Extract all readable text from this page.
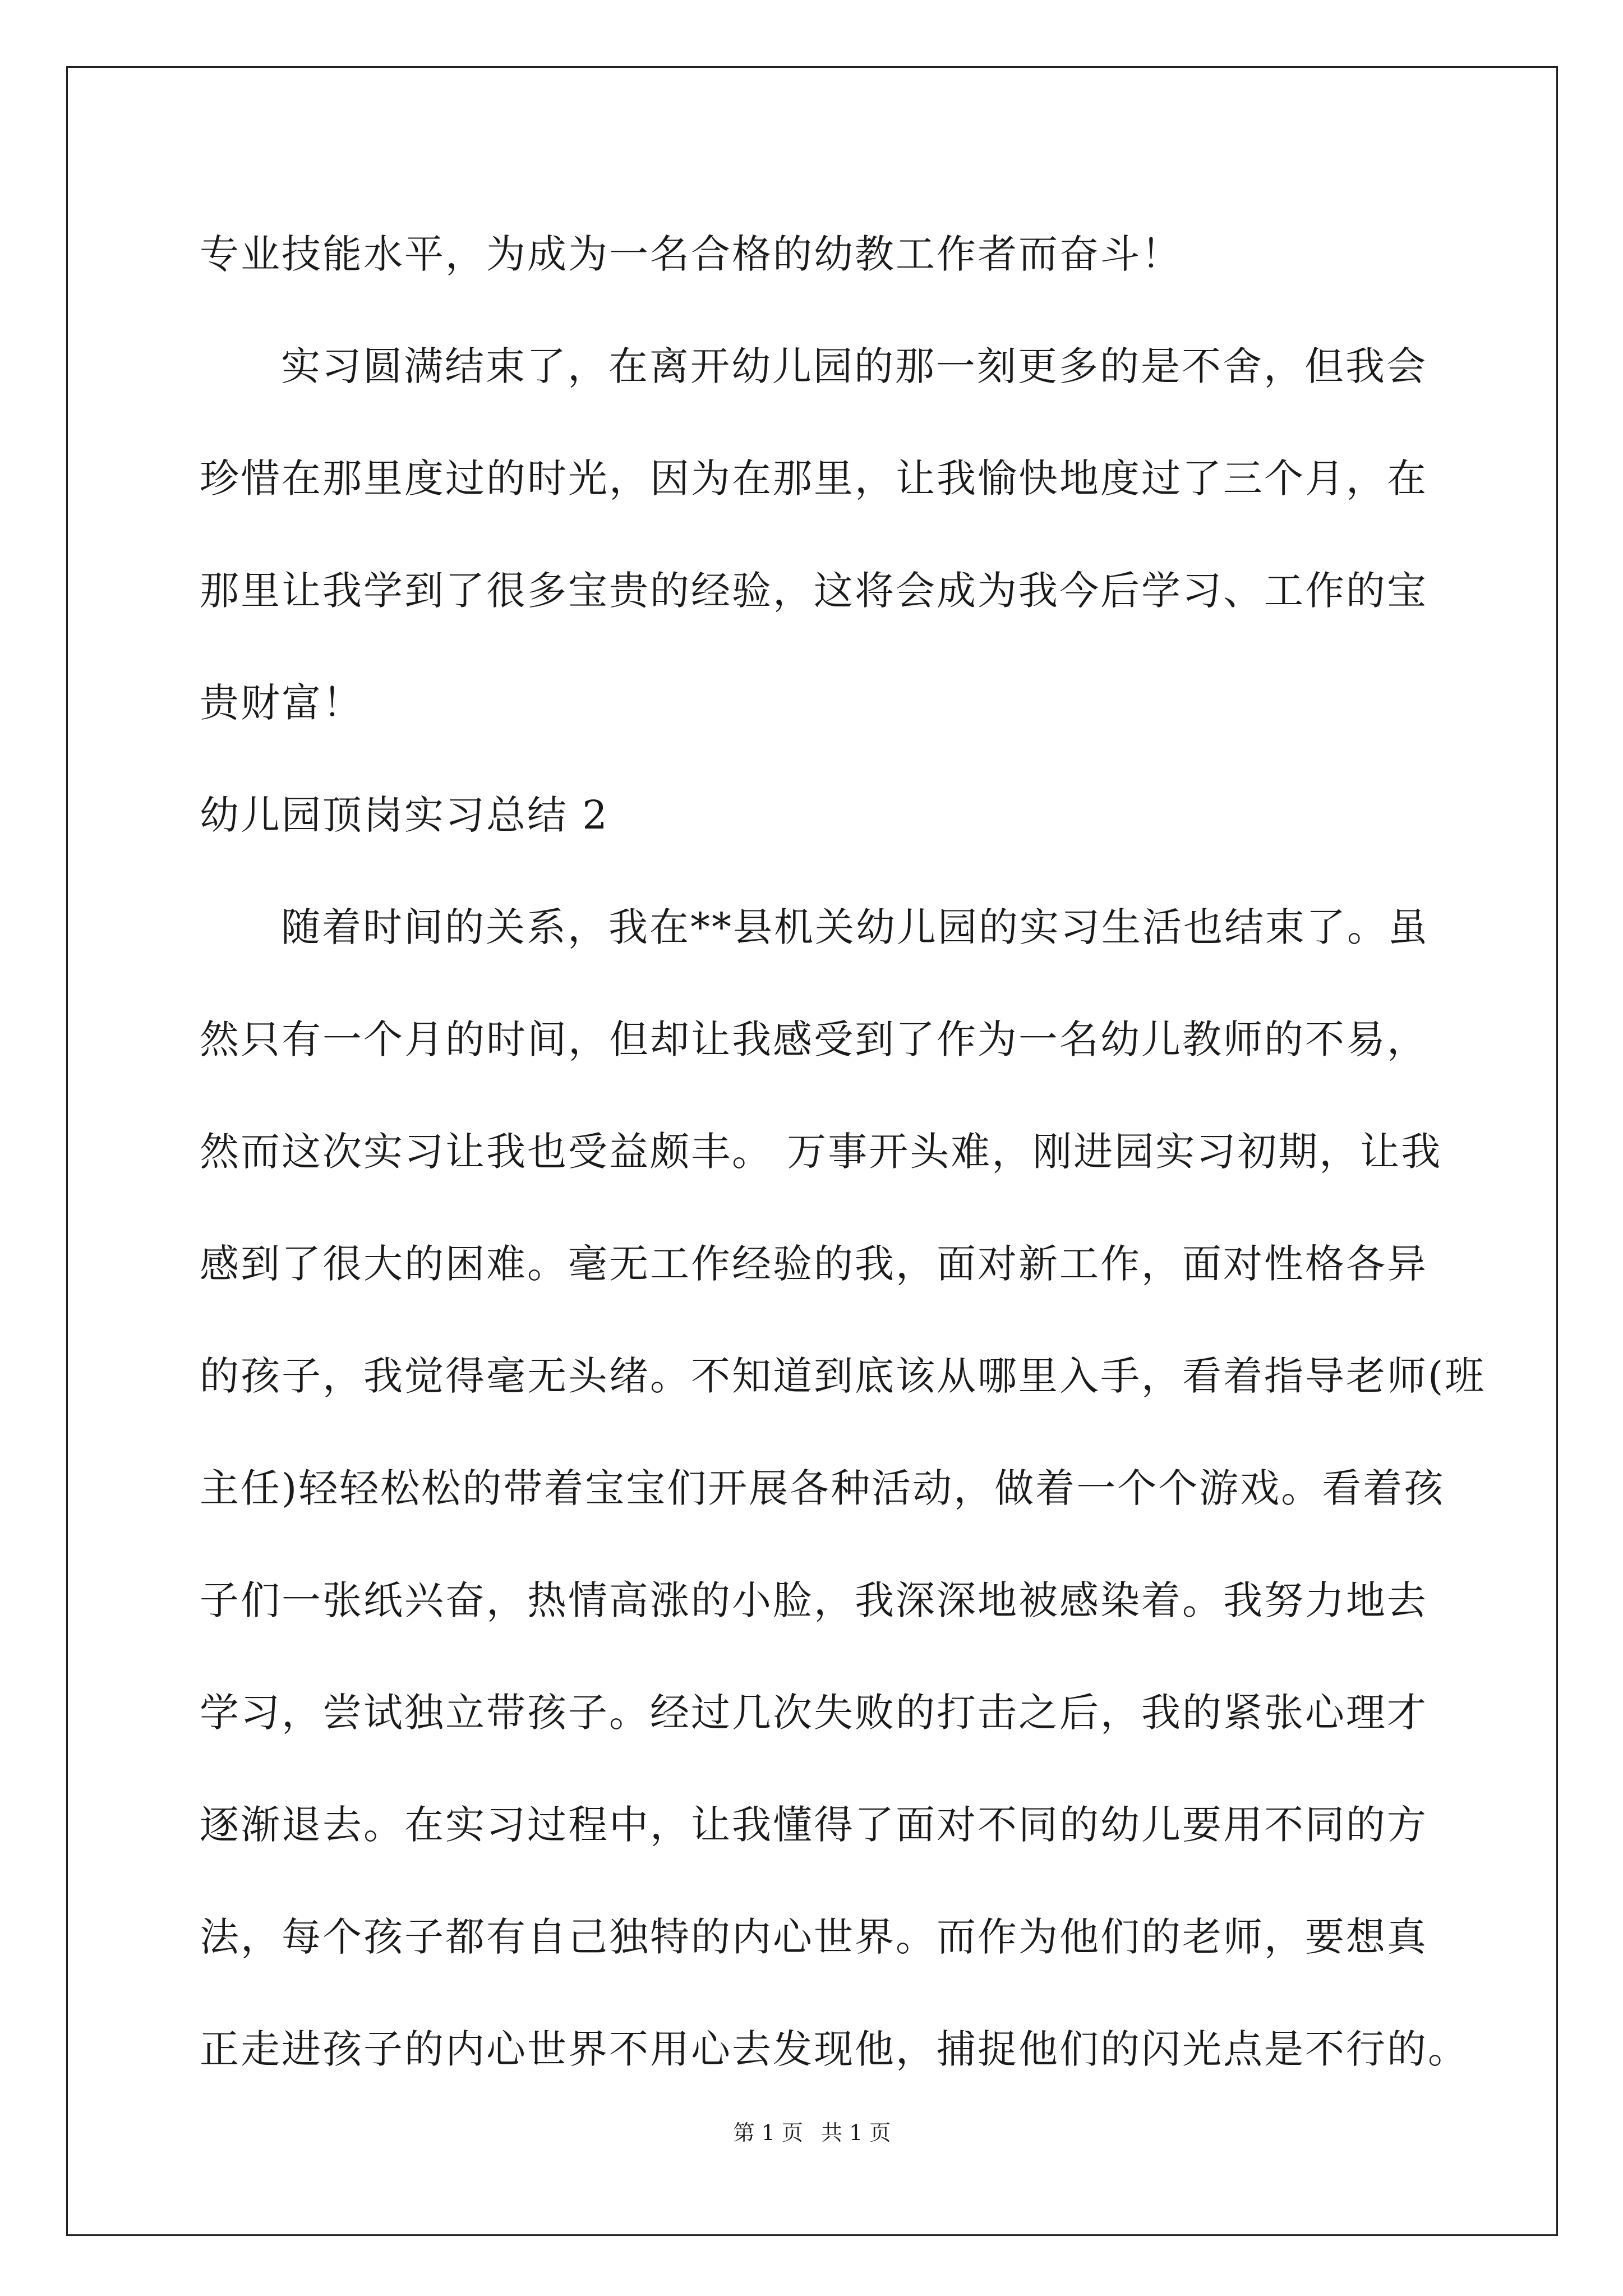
专业技能水平，为成为一名合格的幼教工作者而奋斗！
实习圆满结束了，在离开幼儿园的那一刻更多的是不舍，但我会
珍惜在那里度过的时光，因为在那里，让我愉快地度过了三个月，在
那里让我学到了很多宝贵的经验，这将会成为我今后学习、工作的宝
贵财富！
幼儿园顶岗实习总结 2
随着时间的关系，我在**县机关幼儿园的实习生活也结束了。虽
然只有一个月的时间，但却让我感受到了作为一名幼儿教师的不易，
然而这次实习让我也受益颇丰。 万事开头难，刚进园实习初期，让我
感到了很大的困难。毫无工作经验的我，面对新工作，面对性格各异
的孩子，我觉得毫无头绪。不知道到底该从哪里入手，看着指导老师(班
主任)轻轻松松的带着宝宝们开展各种活动，做着一个个游戏。看着孩
子们一张纸兴奋，热情高涨的小脸，我深深地被感染着。我努力地去
学习，尝试独立带孩子。经过几次失败的打击之后，我的紧张心理才
逐渐退去。在实习过程中，让我懂得了面对不同的幼儿要用不同的方
法，每个孩子都有自己独特的内心世界。而作为他们的老师，要想真
正走进孩子的内心世界不用心去发现他，捕捉他们的闪光点是不行的。
第 1 页 共 1 页
